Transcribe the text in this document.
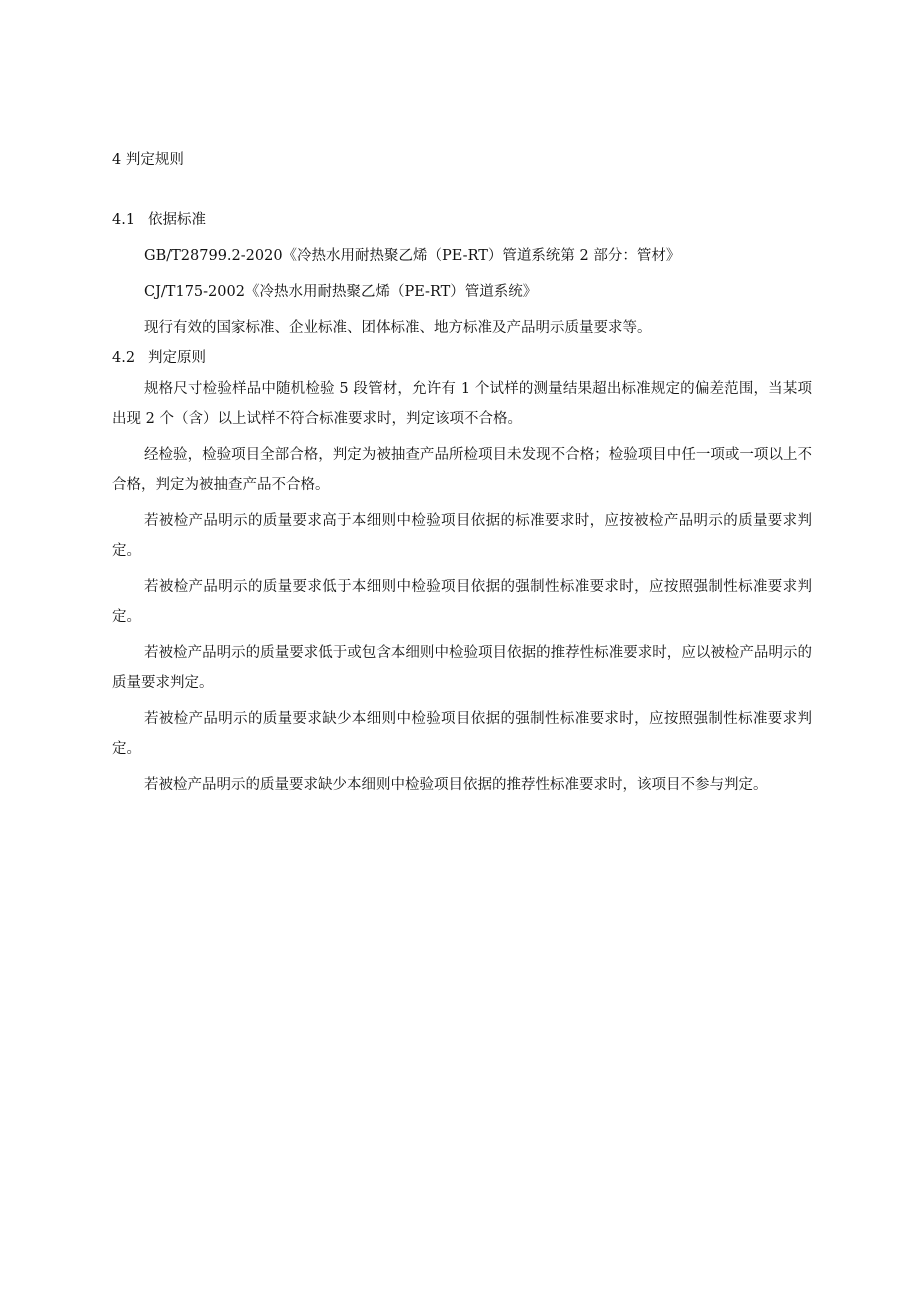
4 判定规则

4.1 依据标准

GB/T28799.2-2020《冷热水用耐热聚乙烯（PE-RT）管道系统第 2 部分：管材》

CJ/T175-2002《冷热水用耐热聚乙烯（PE-RT）管道系统》

现行有效的国家标准、企业标准、团体标准、地方标准及产品明示质量要求等。

4.2 判定原则

规格尺寸检验样品中随机检验 5 段管材，允许有 1 个试样的测量结果超出标准规定的偏差范围，当某项出现 2 个（含）以上试样不符合标准要求时，判定该项不合格。

经检验，检验项目全部合格，判定为被抽查产品所检项目未发现不合格；检验项目中任一项或一项以上不合格，判定为被抽查产品不合格。

若被检产品明示的质量要求高于本细则中检验项目依据的标准要求时，应按被检产品明示的质量要求判定。

若被检产品明示的质量要求低于本细则中检验项目依据的强制性标准要求时，应按照强制性标准要求判定。

若被检产品明示的质量要求低于或包含本细则中检验项目依据的推荐性标准要求时，应以被检产品明示的质量要求判定。

若被检产品明示的质量要求缺少本细则中检验项目依据的强制性标准要求时，应按照强制性标准要求判定。

若被检产品明示的质量要求缺少本细则中检验项目依据的推荐性标准要求时，该项目不参与判定。
